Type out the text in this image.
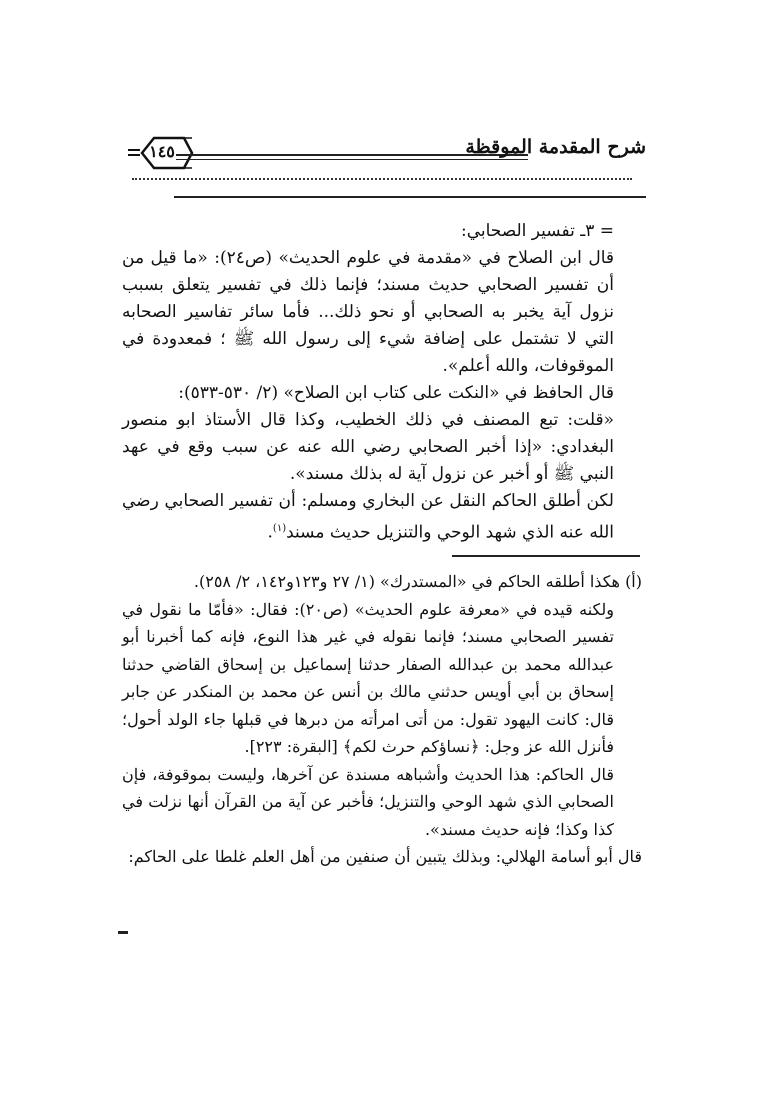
١٤٥	شرح المقدمة الموقظة

= ٣ـ تفسير الصحابي:

قال ابن الصلاح في «مقدمة في علوم الحديث» (ص٢٤): «ما قيل من أن تفسير الصحابي حديث مسند؛ فإنما ذلك في تفسير يتعلق بسبب نزول آية يخبر به الصحابي أو نحو ذلك... فأما سائر تفاسير الصحابه التي لا تشتمل على إضافة شيء إلى رسول الله ﷺ ؛ فمعدودة في الموقوفات، والله أعلم».

قال الحافظ في «النكت على كتاب ابن الصلاح» (٢/ ٥٣٠-٥٣٣):

«قلت: تبع المصنف في ذلك الخطيب، وكذا قال الأستاذ ابو منصور البغدادي: «إذا أخبر الصحابي رضي الله عنه عن سبب وقع في عهد النبي ﷺ أو أخبر عن نزول آية له بذلك مسند».

لكن أطلق الحاكم النقل عن البخاري ومسلم: أن تفسير الصحابي رضي الله عنه الذي شهد الوحي والتنزيل حديث مسند$^{(١)}$.

(أ) هكذا أطلقه الحاكم في «المستدرك» (١/ ٢٧ و١٢٣و١٤٢، ٢/ ٢٥٨).

ولكنه قيده في «معرفة علوم الحديث» (ص٢٠): فقال: «فأمّا ما نقول في تفسير الصحابي مسند؛ فإنما نقوله في غير هذا النوع، فإنه كما أخبرنا أبو عبدالله محمد بن عبدالله الصفار حدثنا إسماعيل بن إسحاق القاضي حدثنا إسحاق بن أبي أويس حدثني مالك بن أنس عن محمد بن المنكدر عن جابر قال: كانت اليهود تقول: من أتى امرأته من دبرها في قبلها جاء الولد أحول؛ فأنزل الله عز وجل: ﴿نساؤكم حرث لكم﴾ [البقرة: ٢٢٣].

قال الحاكم: هذا الحديث وأشباهه مسندة عن آخرها، وليست بموقوفة، فإن الصحابي الذي شهد الوحي والتنزيل؛ فأخبر عن آية من القرآن أنها نزلت في كذا وكذا؛ فإنه حديث مسند».

قال أبو أسامة الهلالي: وبذلك يتبين أن صنفين من أهل العلم غلطا على الحاكم:
